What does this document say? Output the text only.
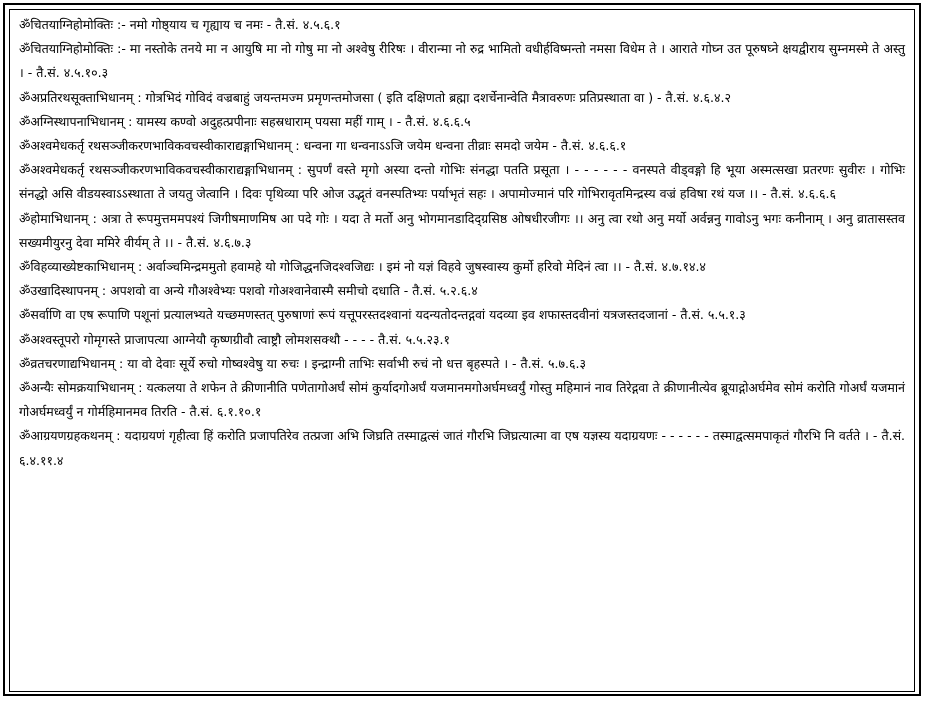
ॐचितयाग्निहोमोक्तिः :- नमो गोष्ठ्याय च गृह्याय च नमः - तै.सं. ४.५.६.१

ॐचितयाग्निहोमोक्तिः :- मा नस्तोके तनये मा न आयुषि मा नो गोषु मा नो अश्वेषु रीरिषः । वीरान्मा नो रुद्र भामितो वधीर्हविष्मन्तो नमसा विधेम ते । आराते गोघ्न उत पूरुषघ्ने क्षयद्वीराय सुम्नमस्मे ते अस्तु । - तै.सं. ४.५.१०.३

ॐअप्रतिरथसूक्ताभिधानम् : गोत्रभिदं गोविदं वज्रबाहुं जयन्तमज्म प्रमृणन्तमोजसा ( इति दक्षिणतो ब्रह्मा दशर्चेनान्वेति मैत्रावरुणः प्रतिप्रस्थाता वा ) - तै.सं. ४.६.४.२

ॐअग्निस्थापनाभिधानम् : यामस्य कण्वो अदुहत्प्रपीनाः सहस्रधाराम् पयसा महीं गाम् । - तै.सं. ४.६.६.५

ॐअश्वमेधकर्तृ रथसञ्जीकरणभाविकवचस्वीकाराद्यङ्गाभिधानम् : धन्वना गा धन्वनाऽऽजि जयेम धन्वना तीव्राः समदो जयेम - तै.सं. ४.६.६.१

ॐअश्वमेधकर्तृ रथसञ्जीकरणभाविकवचस्वीकाराद्यङ्गाभिधानम् : सुपर्णं वस्ते मृगो अस्या दन्तो गोभिः संनद्धा पतति प्रसूता । - - - - - - वनस्पते वीड्वङ्गो हि भूया अस्मत्सखा प्रतरणः सुवीरः । गोभिः संनद्धो असि वीडयस्वाऽऽस्थाता ते जयतु जेत्वानि । दिवः पृथिव्या परि ओज उद्भृतं वनस्पतिभ्यः पर्याभृतं सहः । अपामोज्मानं परि गोभिरावृतमिन्द्रस्य वज्रं हविषा रथं यज ।। - तै.सं. ४.६.६.६

ॐहोमाभिधानम् : अत्रा ते रूपमुत्तममपश्यं जिगीषमाणमिष आ पदे गोः । यदा ते मर्तो अनु भोगमानडादिद्ग्रसिष्ठ ओषधीरजीगः ।। अनु त्वा रथो अनु मर्यो अर्वन्ननु गावोऽनु भगः कनीनाम् । अनु व्रातासस्तव सख्यमीयुरनु देवा ममिरे वीर्यम् ते ।। - तै.सं. ४.६.७.३

ॐविहव्याख्येष्टकाभिधानम् : अर्वाञ्चमिन्द्रममुतो हवामहे यो गोजिद्धनजिदश्वजिद्यः । इमं नो यज्ञं विहवे जुषस्वास्य कुर्मो हरिवो मेदिनं त्वा ।। - तै.सं. ४.७.१४.४

ॐउखादिस्थापनम् : अपशवो वा अन्ये गौअश्वेभ्यः पशवो गोअश्वानेवास्मै समीचो दधाति - तै.सं. ५.२.६.४

ॐसर्वाणि वा एष रूपाणि पशूनां प्रत्यालभ्यते यच्छमणस्तत् पुरुषाणां रूपं यत्तूपरस्तदश्वानां यदन्यतोदन्तद्गवां यदव्या इव शफास्तदवीनां यत्रजस्तदजानां - तै.सं. ५.५.१.३

ॐअश्वस्तूपरो गोमृगस्ते प्राजापत्या आग्नेयौ कृष्णग्रीवौ त्वाष्ट्रौ लोमशसक्थौ - - - - तै.सं. ५.५.२३.१

ॐव्रतचरणाद्यभिधानम् : या वो देवाः सूर्ये रुचो गोष्वश्वेषु या रुचः । इन्द्राग्नी ताभिः सर्वाभी रुचं नो धत्त बृहस्पते । - तै.सं. ५.७.६.३

ॐअन्यैः सोमक्रयाभिधानम् : यत्कलया ते शफेन ते क्रीणानीति पणेतागोअर्घं सोमं कुर्यादगोअर्घं यजमानमगोअर्घमध्वर्युं गोस्तु महिमानं नाव तिरेद्गवा ते क्रीणानीत्येव ब्रूयाद्गोअर्घमेव सोमं करोति गोअर्घं यजमानं गोअर्घमध्वर्युं न गोर्महिमानमव तिरति - तै.सं. ६.१.१०.१

ॐआग्रयणग्रहकथनम् : यदाग्रयणं गृहीत्वा हिं करोति प्रजापतिरेव तत्प्रजा अभि जिघ्रति तस्माद्वत्सं जातं गौरभि जिघ्रत्यात्मा वा एष यज्ञस्य यदाग्रयणः - - - - - - तस्माद्वत्समपाकृतं गौरभि नि वर्तते । - तै.सं. ६.४.११.४
